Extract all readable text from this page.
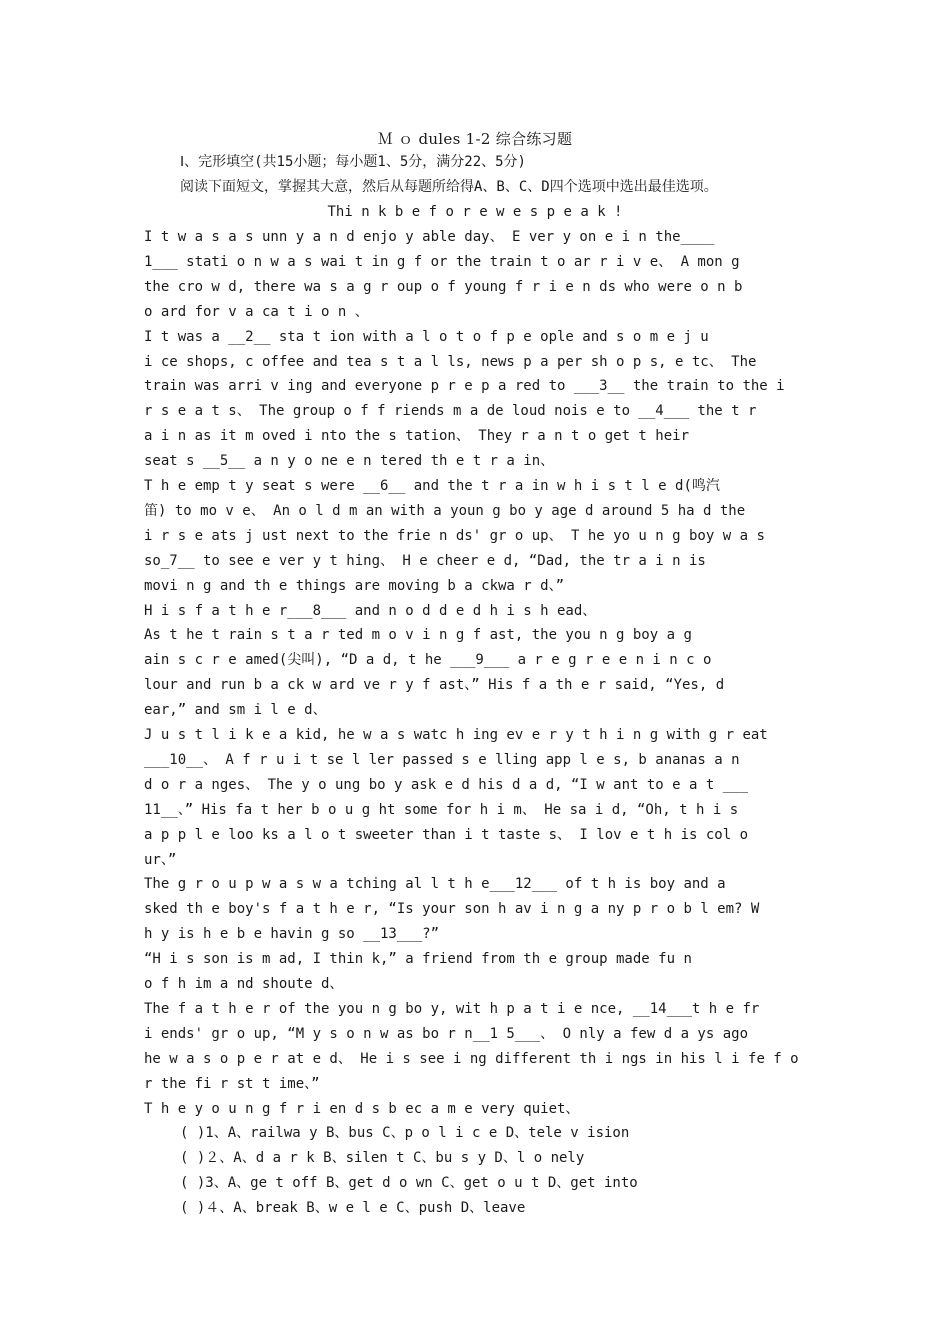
Ｍ ｏ dules 1-2 综合练习题
Ⅰ、完形填空(共15小题；每小题1、5分，满分22、5分)
阅读下面短文，掌握其大意，然后从每题所给得A、B、C、D四个选项中选出最佳选项。
Thi n k b e f o r e w e s p e a k !
I t w a s a s unn y a n d enjo y able day、 E ver y on e i n the____
1___ stati o n w a s wai t in g f or the train t o ar r i v e、 A mon g
the cro w d, there wa s a g r oup o f young f r i e n ds who were o n b
o ard for v a ca t i o n 、
I t was a __2__ sta t ion with a l o t o f p e ople and s o m e j u
i ce shops, c offee and tea s t a l ls, news p a per sh o p s, e tc、 The
train was arri v ing and everyone p r e p a red to ___3__ the train to the i
r s e a t s、 The group o f f riends m a de loud nois e to __4___ the t r
a i n as it m oved i nto the s tation、 They r a n t o get t heir
seat s __5__ a n y o ne e n tered th e t r a in、
T h e emp t y seat s were __6__ and the t r a in w h i s t l e d(鸣汽
笛) to mo v e、 An o l d m an with a youn g bo y age d around 5 ha d the
i r s e ats j ust next to the frie n ds' gr o up、 T he yo u n g boy w a s
so_7__ to see e ver y t hing、 H e cheer e d, “Dad, the tr a i n is
movi n g and th e things are moving b a ckwa r d、”
H i s f a t h e r___8___ and n o d d e d h i s h ead、
As t he t rain s t a r ted m o v i n g f ast, the you n g boy a g
ain s c r e amed(尖叫), “D a d, t he ___9___ a r e g r e e n i n c o
lour and run b a ck w ard ve r y f ast、” His f a th e r said, “Yes, d
ear,” and sm i l e d、
J u s t l i k e a kid, he w a s watc h ing ev e r y t h i n g with g r eat
___10__、 A f r u i t se l ler passed s e lling app l e s, b ananas a n
d o r a nges、 The y o ung bo y ask e d his d a d, “I w ant to e a t ___
11__、” His fa t her b o u g ht some for h i m、 He sa i d, “Oh, t h i s
a p p l e loo ks a l o t sweeter than i t taste s、 I lov e t h is col o
ur、”
The g r o u p w a s w a tching al l t h e___12___ of t h is boy and a
sked th e boy's f a t h e r, “Is your son h av i n g a ny p r o b l em? W
h y is h e b e havin g so __13___?”
“H i s son is m ad, I thin k,” a friend from th e group made fu n
o f h im a nd shoute d、
The f a t h e r of the you n g bo y, wit h p a t i e nce, __14___t h e fr
i ends' gr o up, “M y s o n w as bo r n__1 5___、 O nly a few d a ys ago
he w a s o p e r at e d、 He i s see i ng different th i ngs in his l i fe f o
r the fi r st t ime、”
T h e y o u n g f r i en d s b ec a m e very quiet、
( )1、A、railwa y B、bus C、p o l i c e D、tele v ision
( )２、A、d a r k B、silen t C、bu s y D、l o nely
( )3、A、ge t off B、get d o wn C、get o u t D、get into
( )４、A、break B、w e l e C、push D、leave
